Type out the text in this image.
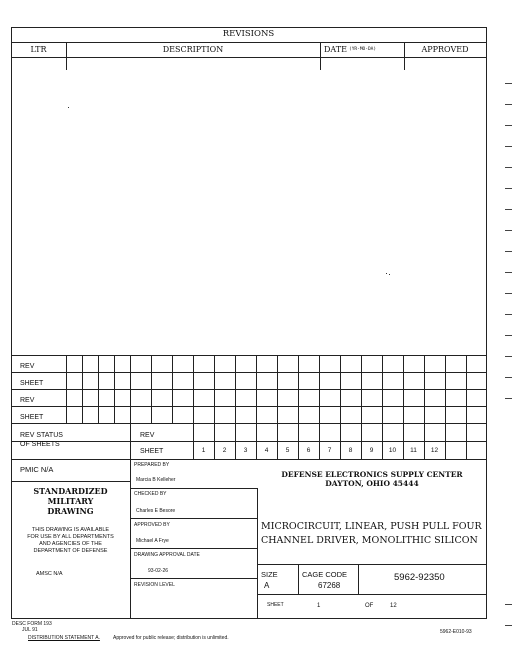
REVISIONS
LTR	DESCRIPTION	DATE (YR-MO-DA)	APPROVED
REV
SHEET
REV
SHEET
REV STATUS
OF SHEETS
REV
SHEET	1	2	3	4	5	6	7	8	9	10	11	12
PMIC N/A
STANDARDIZED
MILITARY
DRAWING
THIS DRAWING IS AVAILABLE
FOR USE BY ALL DEPARTMENTS
AND AGENCIES OF THE
DEPARTMENT OF DEFENSE
AMSC N/A
PREPARED BY
Marcia B Kelleher
CHECKED BY
Charles E Besore
APPROVED BY
Michael A Frye
DRAWING APPROVAL DATE
93-02-26
REVISION LEVEL
DEFENSE ELECTRONICS SUPPLY CENTER
DAYTON, OHIO 45444
MICROCIRCUIT, LINEAR, PUSH PULL FOUR
CHANNEL DRIVER, MONOLITHIC SILICON
SIZE
A
CAGE CODE
67268
5962-92350
SHEET	1	OF	12
DESC FORM 193
JUL 91
DISTRIBUTION STATEMENT A.	Approved for public release; distribution is unlimited.
5962-E010-93
